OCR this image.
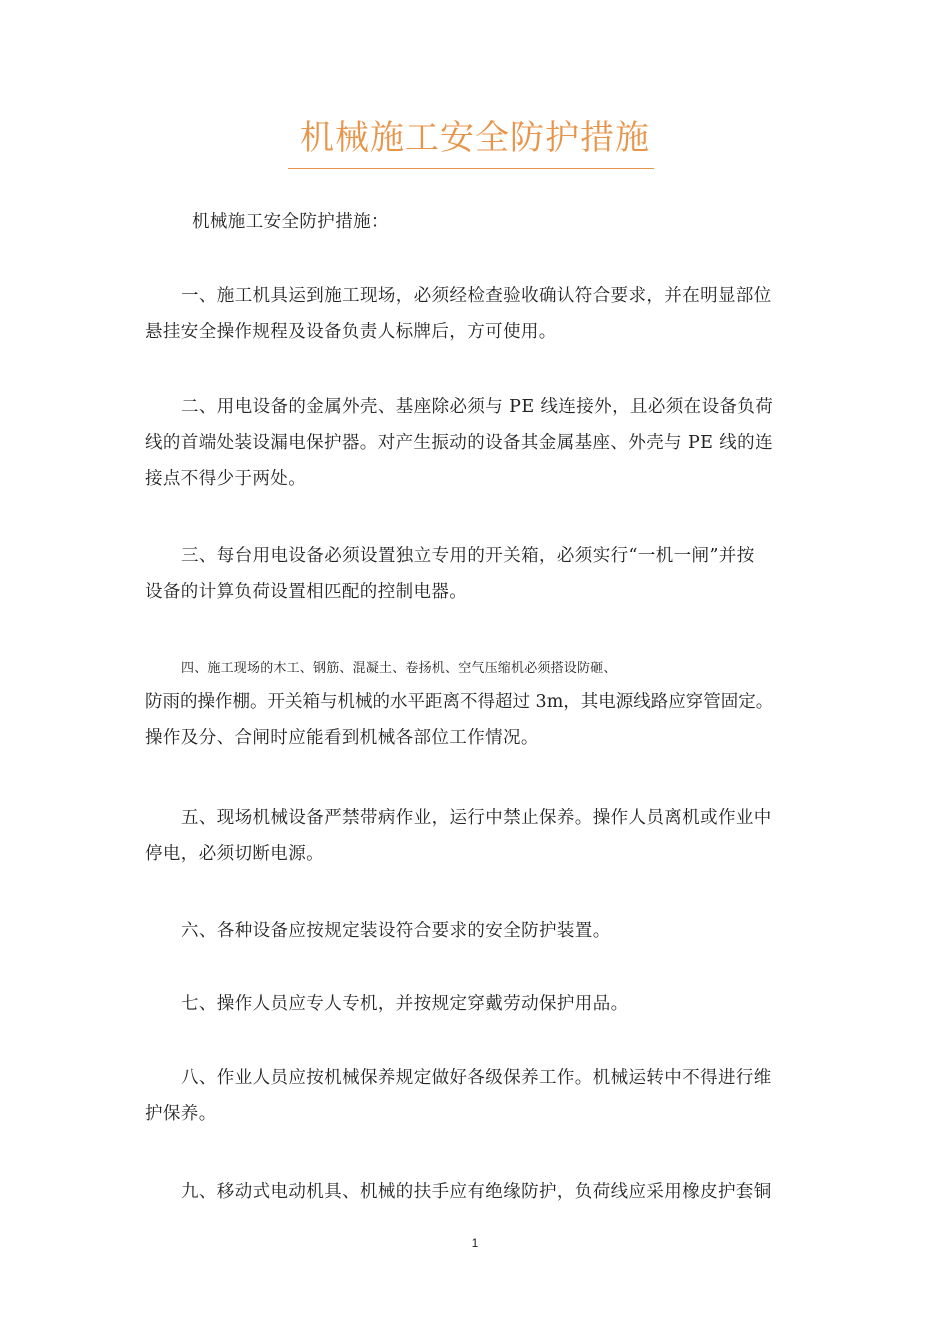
机械施工安全防护措施

机械施工安全防护措施：

一、施工机具运到施工现场，必须经检查验收确认符合要求，并在明显部位
悬挂安全操作规程及设备负责人标牌后，方可使用。

二、用电设备的金属外壳、基座除必须与 PE 线连接外，且必须在设备负荷
线的首端处装设漏电保护器。对产生振动的设备其金属基座、外壳与 PE 线的连
接点不得少于两处。

三、每台用电设备必须设置独立专用的开关箱，必须实行“一机一闸”并按
设备的计算负荷设置相匹配的控制电器。

四、施工现场的木工、钢筋、混凝土、卷扬机、空气压缩机必须搭设防砸、
防雨的操作棚。开关箱与机械的水平距离不得超过 3m，其电源线路应穿管固定。
操作及分、合闸时应能看到机械各部位工作情况。

五、现场机械设备严禁带病作业，运行中禁止保养。操作人员离机或作业中
停电，必须切断电源。

六、各种设备应按规定装设符合要求的安全防护装置。

七、操作人员应专人专机，并按规定穿戴劳动保护用品。

八、作业人员应按机械保养规定做好各级保养工作。机械运转中不得进行维
护保养。

九、移动式电动机具、机械的扶手应有绝缘防护，负荷线应采用橡皮护套铜

1
